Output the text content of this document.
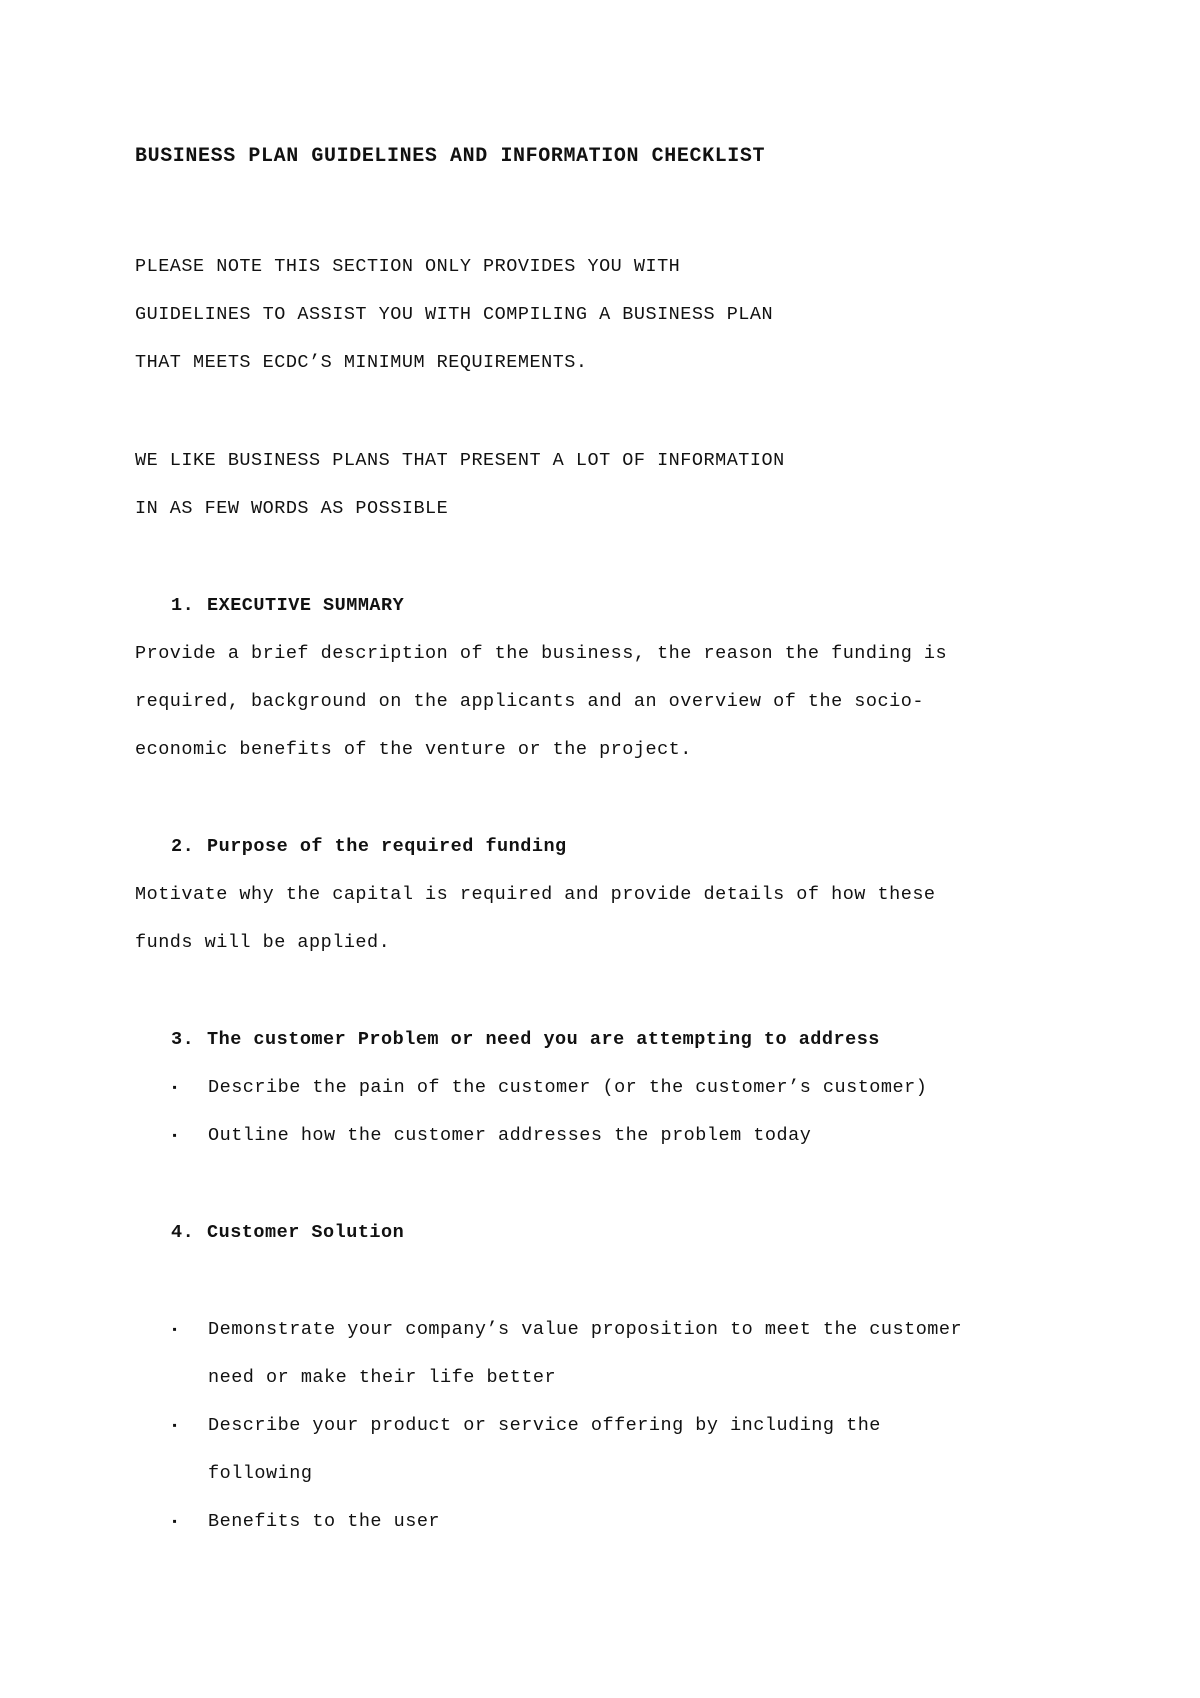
BUSINESS PLAN GUIDELINES AND INFORMATION CHECKLIST
PLEASE NOTE THIS SECTION ONLY PROVIDES YOU WITH
GUIDELINES TO ASSIST YOU WITH COMPILING A BUSINESS PLAN
THAT MEETS ECDC’S MINIMUM REQUIREMENTS.
WE LIKE BUSINESS PLANS THAT PRESENT A LOT OF INFORMATION
IN AS FEW WORDS AS POSSIBLE
1. EXECUTIVE SUMMARY
Provide a brief description of the business, the reason the funding is
required, background on the applicants and an overview of the socio-
economic benefits of the venture or the project.
2. Purpose of the required funding
Motivate why the capital is required and provide details of how these
funds will be applied.
3. The customer Problem or need you are attempting to address

▪

	Describe the pain of the customer (or the customer’s customer)

▪

	Outline how the customer addresses the problem today

4. Customer Solution

▪

	Demonstrate your company’s value proposition to meet the customer

need or make their life better

▪

	Describe your product or service offering by including the

following

▪

	Benefits to the user
